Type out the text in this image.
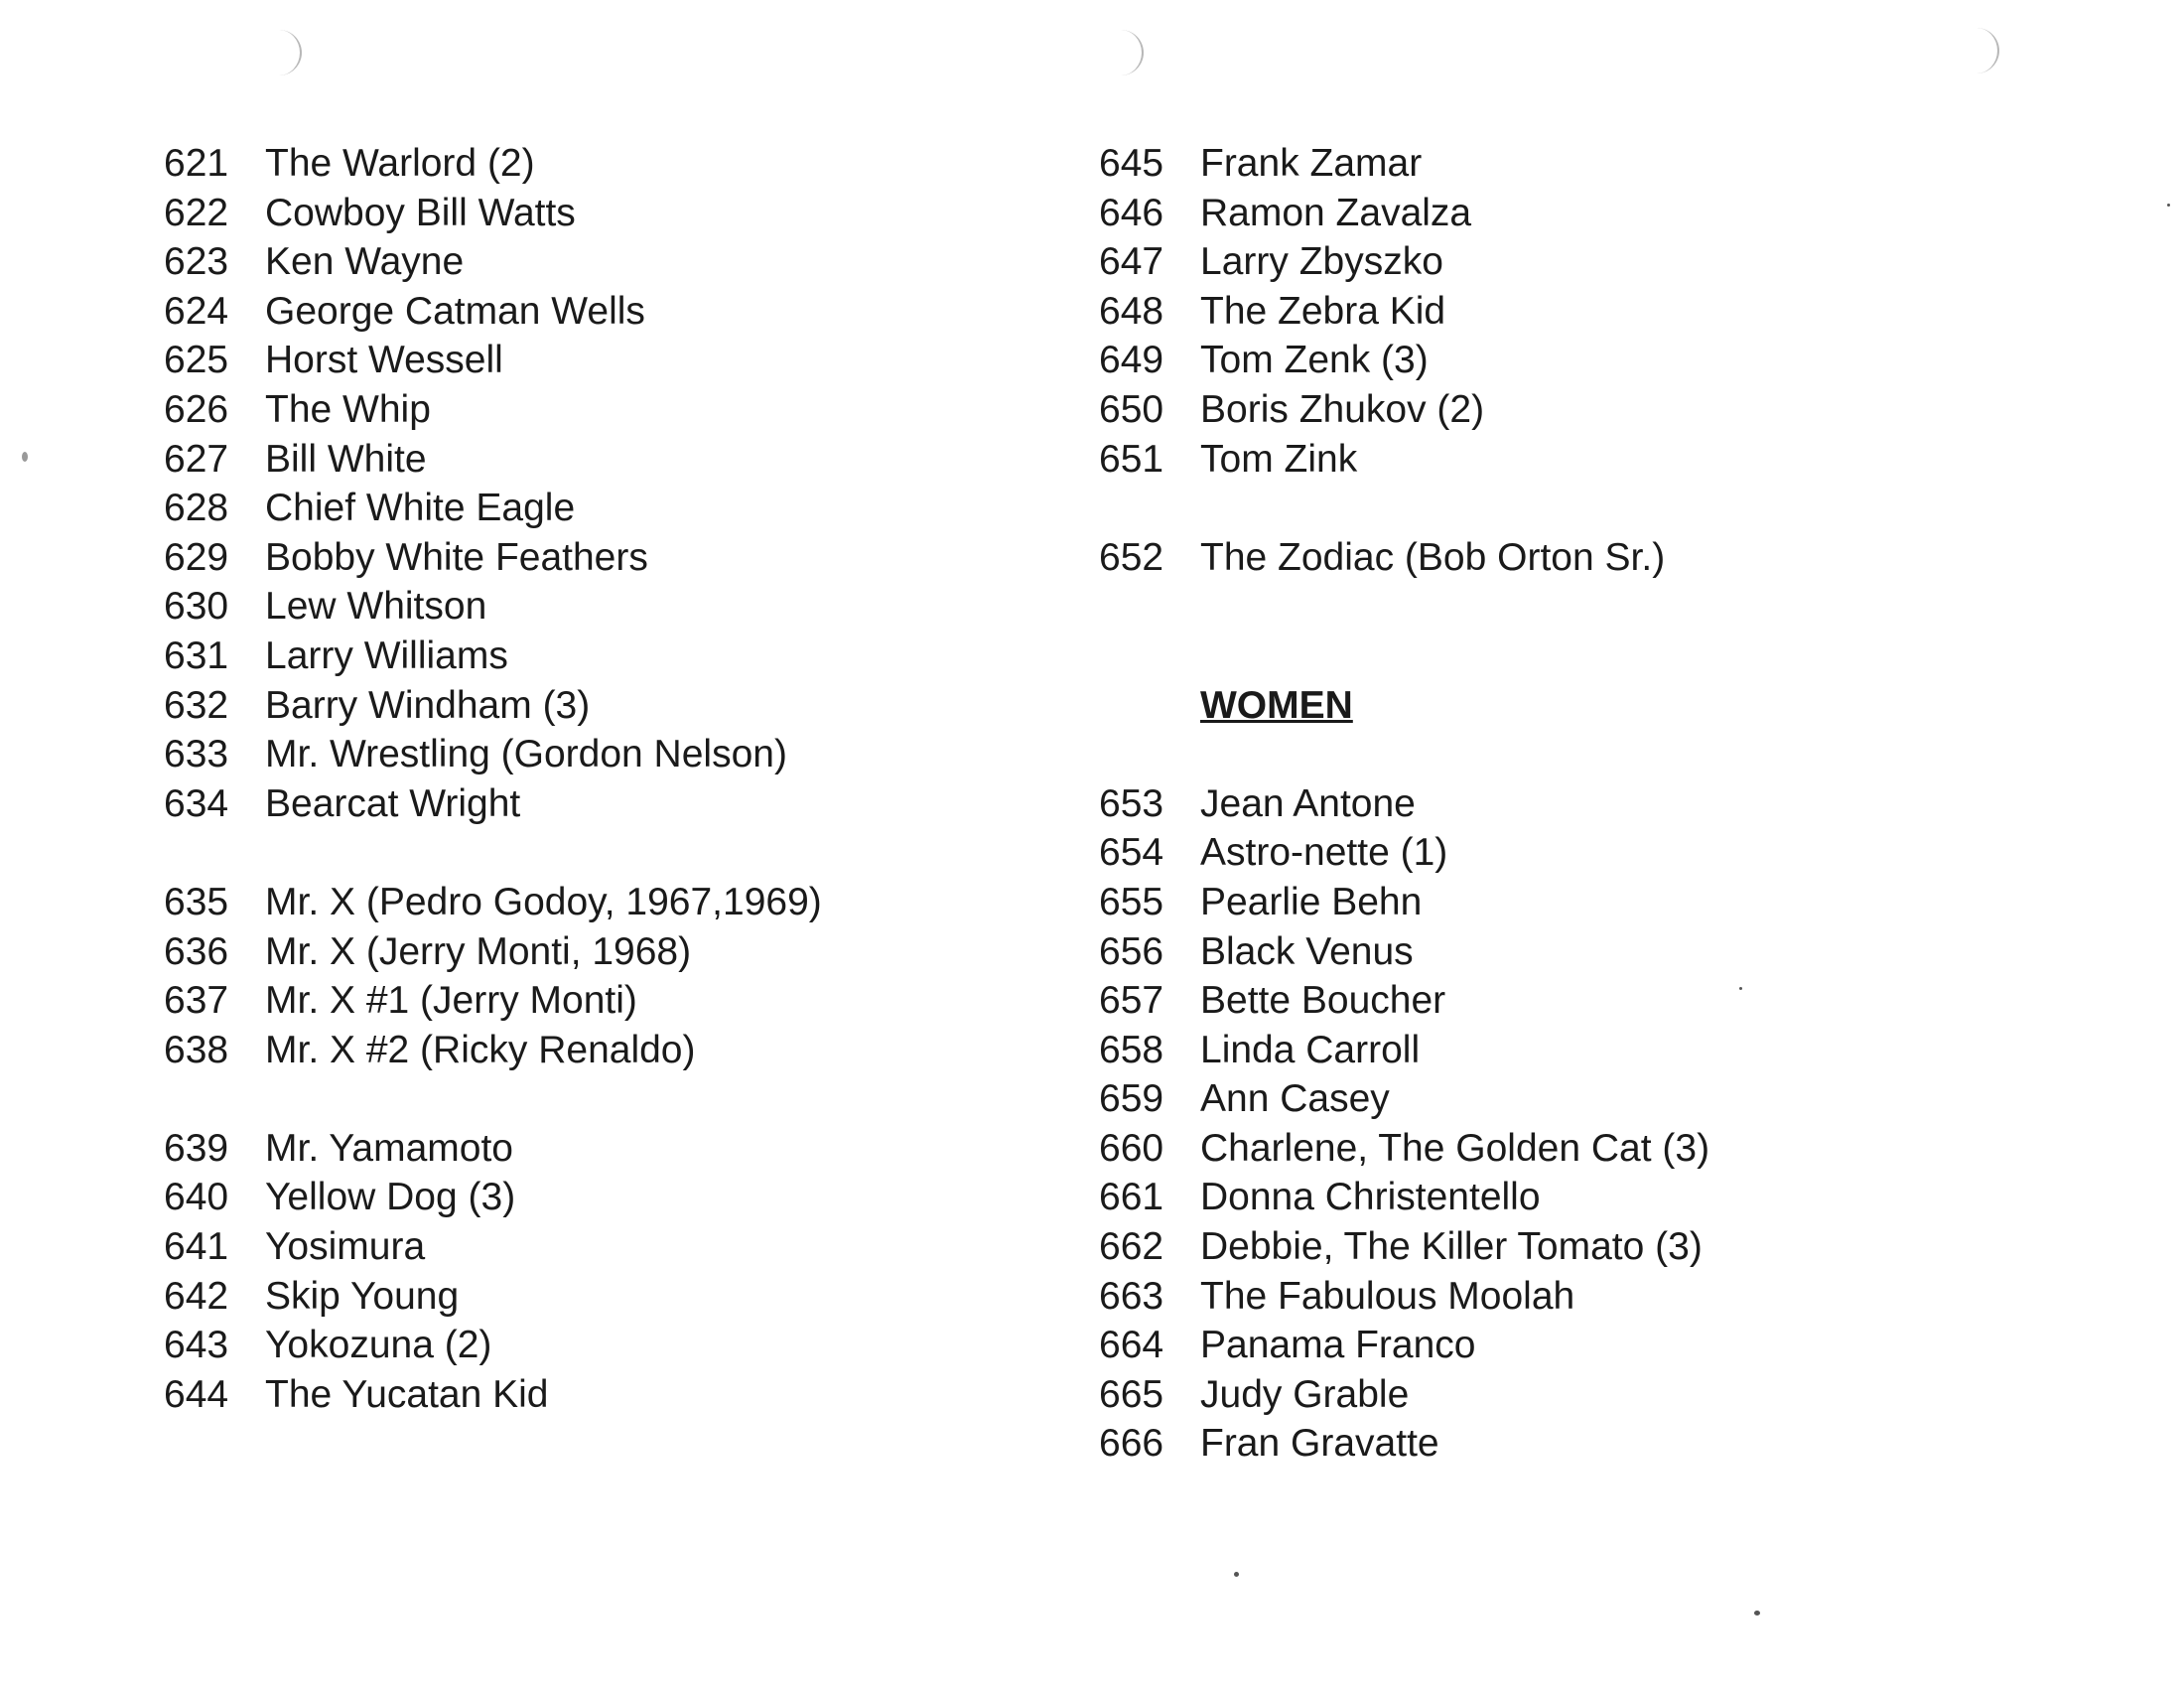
621 The Warlord (2)
622 Cowboy Bill Watts
623 Ken Wayne
624 George Catman Wells
625 Horst Wessell
626 The Whip
627 Bill White
628 Chief White Eagle
629 Bobby White Feathers
630 Lew Whitson
631 Larry Williams
632 Barry Windham (3)
633 Mr. Wrestling (Gordon Nelson)
634 Bearcat Wright
635 Mr. X (Pedro Godoy, 1967,1969)
636 Mr. X (Jerry Monti, 1968)
637 Mr. X #1 (Jerry Monti)
638 Mr. X #2 (Ricky Renaldo)
639 Mr. Yamamoto
640 Yellow Dog (3)
641 Yosimura
642 Skip Young
643 Yokozuna (2)
644 The Yucatan Kid
645 Frank Zamar
646 Ramon Zavalza
647 Larry Zbyszko
648 The Zebra Kid
649 Tom Zenk (3)
650 Boris Zhukov (2)
651 Tom Zink
652 The Zodiac (Bob Orton Sr.)
WOMEN
653 Jean Antone
654 Astro-nette (1)
655 Pearlie Behn
656 Black Venus
657 Bette Boucher
658 Linda Carroll
659 Ann Casey
660 Charlene, The Golden Cat (3)
661 Donna Christentello
662 Debbie, The Killer Tomato (3)
663 The Fabulous Moolah
664 Panama Franco
665 Judy Grable
666 Fran Gravatte
